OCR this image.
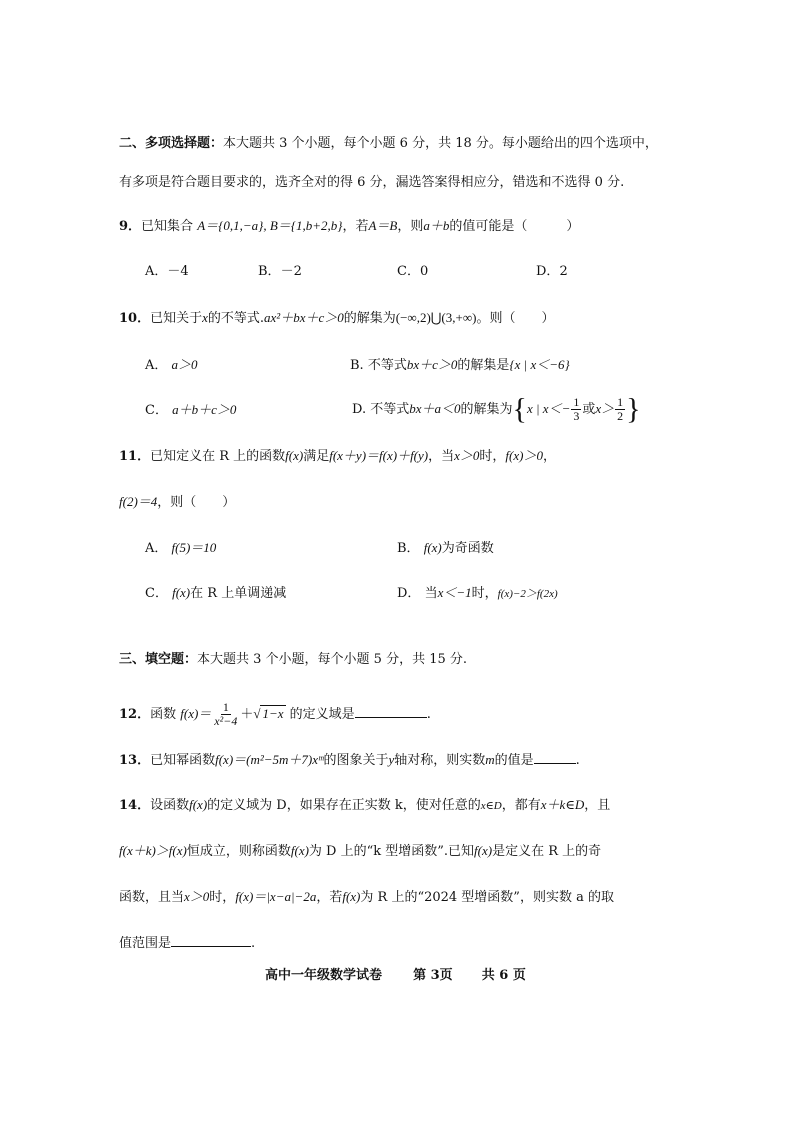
二、多项选择题：本大题共 3 个小题，每个小题 6 分，共 18 分。每小题给出的四个选项中，
有多项是符合题目要求的，选齐全对的得 6 分，漏选答案得相应分，错选和不选得 0 分.
9．已知集合 A＝{0,1,−a}, B＝{1,b+2,b}，若A＝B，则a＋b的值可能是（　　　）
A．－4	B．－2	C．0	D．2
10．已知关于x的不等式.ax²＋bx＋c＞0的解集为(−∞,2)⋃(3,+∞)。则（　　）
A． a＞0	B. 不等式bx＋c＞0的解集是{x | x＜−6}
C． a＋b＋c＞0	D. 不等式bx＋a＜0的解集为{x | $x<- \frac{1}{3}$ 或$x> \frac{1}{2}$ }
11．已知定义在 R 上的函数f(x)满足f(x＋y)＝f(x)＋f(y)，当x＞0时，f(x)＞0，
f(2)＝4，则（　　）
A． f(5)＝10	B． f(x)为奇函数
C． f(x)在 R 上单调递减	D． 当x＜−1时，f(x)−2＞f(2x)
三、填空题：本大题共 3 个小题，每个小题 5 分，共 15 分.
12．函数 $f(x)= \frac{1}{\text{x²−4}}$ ＋√ 1−x 的定义域是	.
13．已知幂函数f(x)＝(m²−5m＋7)xᵐ的图象关于y轴对称，则实数m的值是	.
14．设函数f(x)的定义域为 D，如果存在正实数 k，使对任意的x∈D，都有x＋k∈D，且
f(x＋k)＞f(x)恒成立，则称函数f(x)为 D 上的“k 型增函数”.已知f(x)是定义在 R 上的奇
函数，且当x＞0时，f(x)＝|x−a|−2a，若f(x)为 R 上的“2024 型增函数”，则实数 a 的取
值范围是	.
高中一年级数学试卷 第 3页 共 6 页
